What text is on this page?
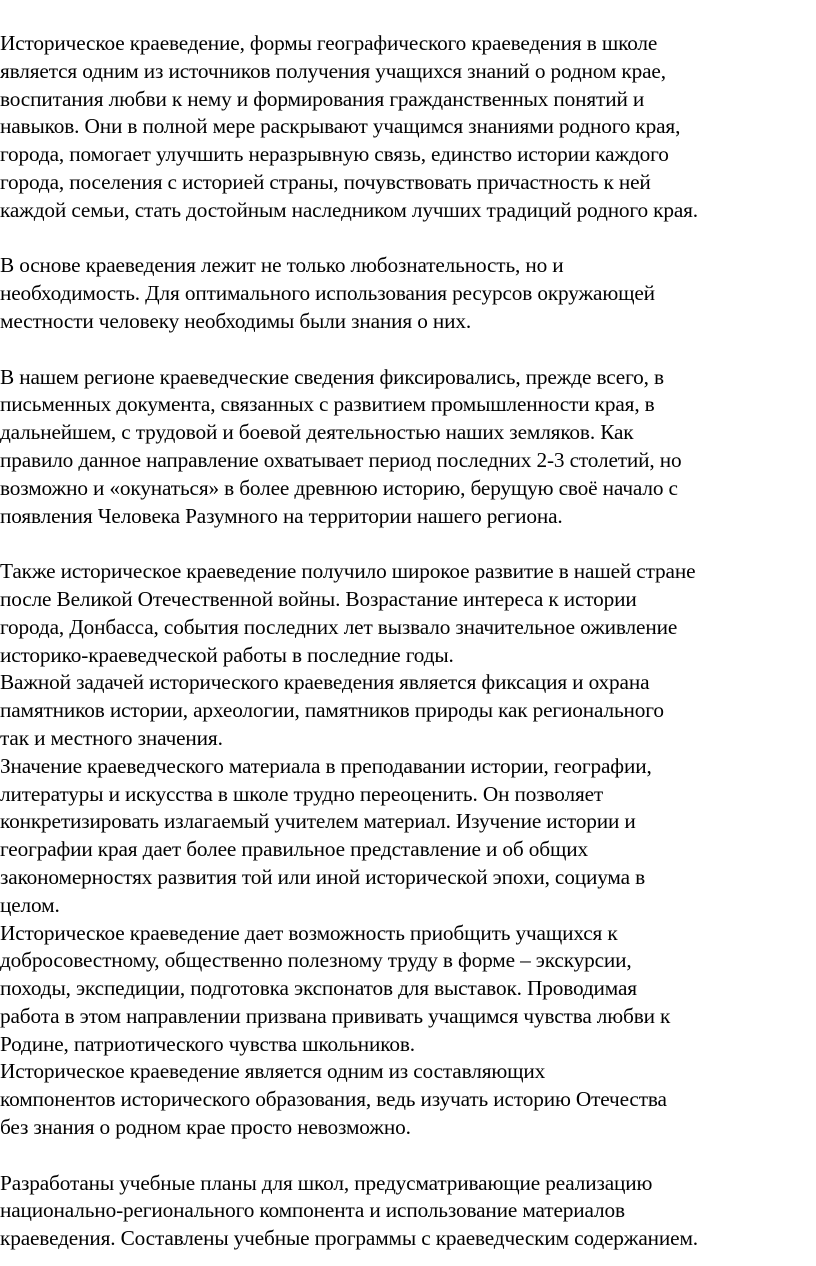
Историческое краеведение, формы географического краеведения в школе
является одним из источников получения учащихся знаний о родном крае,
воспитания любви к нему и формирования гражданственных понятий и
навыков. Они в полной мере раскрывают учащимся знаниями родного края,
города, помогает улучшить неразрывную связь, единство истории каждого
города, поселения с историей страны, почувствовать причастность к ней
каждой семьи, стать достойным наследником лучших традиций родного края.

В основе краеведения лежит не только любознательность, но и
необходимость. Для оптимального использования ресурсов окружающей
местности человеку необходимы были знания о них.

В нашем регионе краеведческие сведения фиксировались, прежде всего, в
письменных документа, связанных с развитием промышленности края, в
дальнейшем, с трудовой и боевой деятельностью наших земляков. Как
правило данное направление охватывает период последних 2-3 столетий, но
возможно и «окунаться» в более древнюю историю, берущую своё начало с
появления Человека Разумного на территории нашего региона.

Также историческое краеведение получило широкое развитие в нашей стране
после Великой Отечественной войны. Возрастание интереса к истории
города, Донбасса, события последних лет вызвало значительное оживление
историко-краеведческой работы в последние годы.

Важной задачей исторического краеведения является фиксация и охрана
памятников истории, археологии, памятников природы как регионального
так и местного значения.

Значение краеведческого материала в преподавании истории, географии,
литературы и искусства в школе трудно переоценить. Он позволяет
конкретизировать излагаемый учителем материал. Изучение истории и
географии края дает более правильное представление и об общих
закономерностях развития той или иной исторической эпохи, социума в
целом.

Историческое краеведение дает возможность приобщить учащихся к
добросовестному, общественно полезному труду в форме – экскурсии,
походы, экспедиции, подготовка экспонатов для выставок. Проводимая
работа в этом направлении призвана прививать учащимся чувства любви к
Родине, патриотического чувства школьников.

Историческое краеведение является одним из составляющих
компонентов исторического образования, ведь изучать историю Отечества
без знания о родном крае просто невозможно.

Разработаны учебные планы для школ, предусматривающие реализацию
национально-регионального компонента и использование материалов
краеведения. Составлены учебные программы с краеведческим содержанием.
